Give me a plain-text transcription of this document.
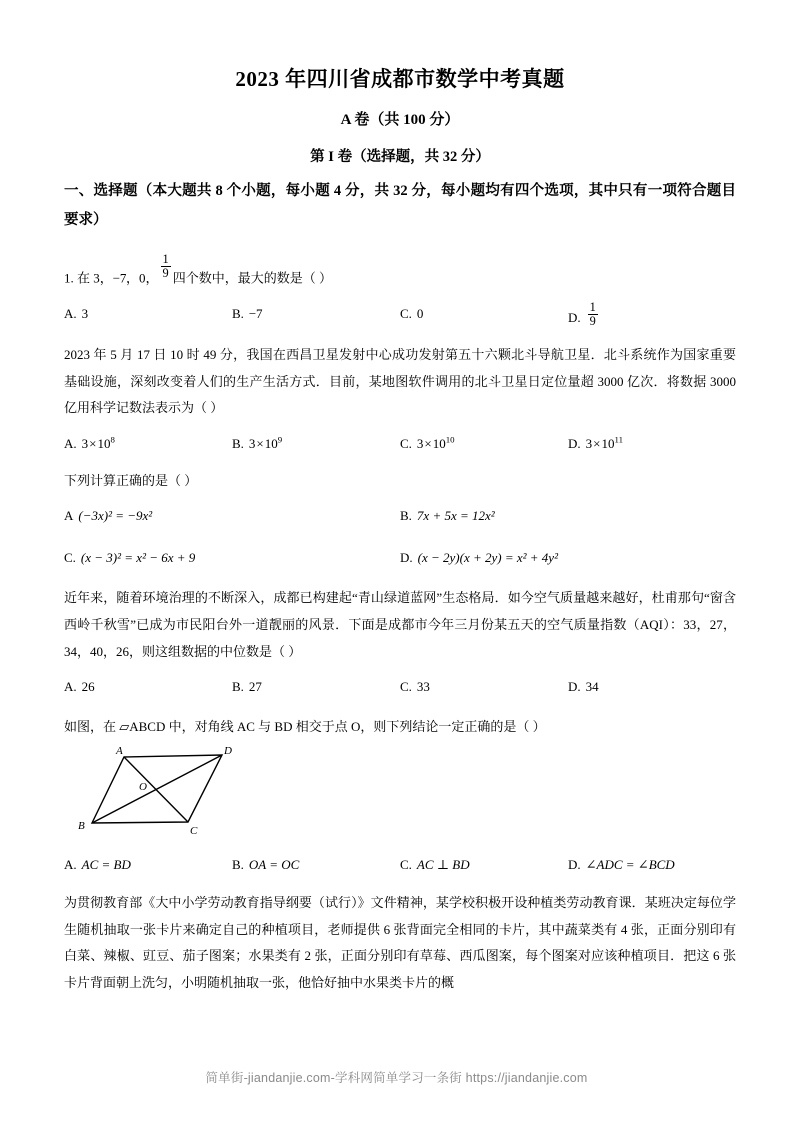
2023 年四川省成都市数学中考真题
A 卷（共 100 分）
第 I 卷（选择题，共 32 分）
一、选择题（本大题共 8 个小题，每小题 4 分，共 32 分，每小题均有四个选项，其中只有一项符合题目要求）
1. 在 3，−7，0， $\frac{1}{9}$ 四个数中，最大的数是（ ）
A. 3	B. −7	C. 0	D. $\frac{1}{9}$
2023 年 5 月 17 日 10 时 49 分，我国在西昌卫星发射中心成功发射第五十六颗北斗导航卫星．北斗系统作为国家重要基础设施，深刻改变着人们的生产生活方式．目前，某地图软件调用的北斗卫星日定位量超 3000 亿次．将数据 3000 亿用科学记数法表示为（ ）
A. $3\times 10^8$	B. $3\times 10^9$	C. $3\times 10^{10}$	D. $3\times 10^{11}$
下列计算正确的是（ ）
A (−3x)² = −9x²	B. 7x + 5x = 12x²
C. (x − 3)² = x² − 6x + 9	D. (x − 2y)(x + 2y) = x² + 4y²
近年来，随着环境治理的不断深入，成都已构建起“青山绿道蓝网”生态格局．如今空气质量越来越好，杜甫那句“窗含西岭千秋雪”已成为市民阳台外一道靓丽的风景．下面是成都市今年三月份某五天的空气质量指数（AQI）：33，27，34，40，26，则这组数据的中位数是（ ）
A. 26	B. 27	C. 33	D. 34
如图，在 ▱ABCD 中，对角线 AC 与 BD 相交于点 O，则下列结论一定正确的是（ ）
A	D
B	C
O
A. AC = BD	B. OA = OC	C. AC ⊥ BD	D. ∠ADC = ∠BCD
为贯彻教育部《大中小学劳动教育指导纲要（试行）》文件精神，某学校积极开设种植类劳动教育课．某班决定每位学生随机抽取一张卡片来确定自己的种植项目，老师提供 6 张背面完全相同的卡片，其中蔬菜类有 4 张，正面分别印有白菜、辣椒、豇豆、茄子图案；水果类有 2 张，正面分别印有草莓、西瓜图案，每个图案对应该种植项目．把这 6 张卡片背面朝上洗匀，小明随机抽取一张，他恰好抽中水果类卡片的概
简单街-jiandanjie.com-学科网简单学习一条街 https://jiandanjie.com
